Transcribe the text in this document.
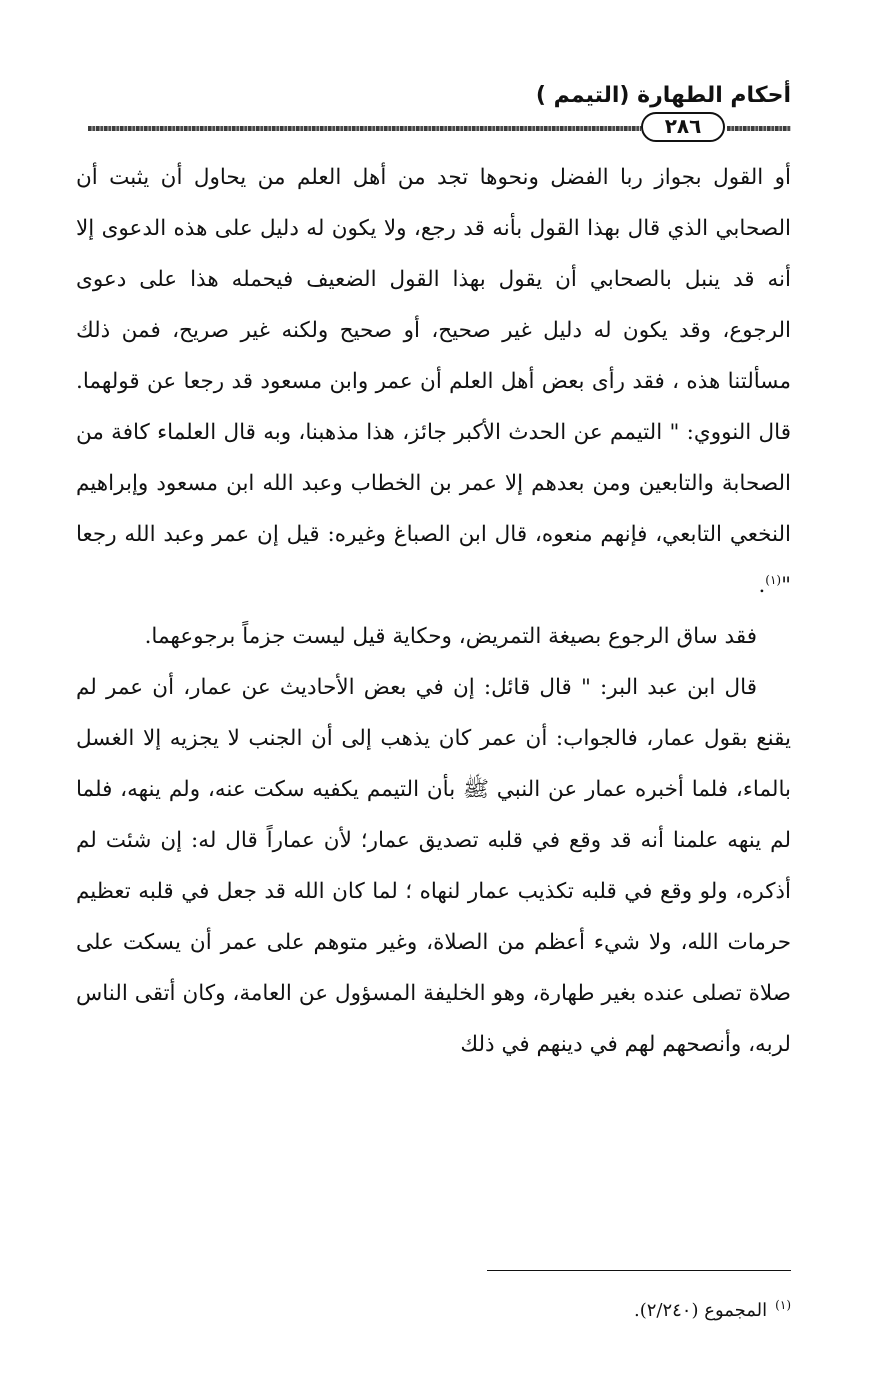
أحكام الطهارة (التيمم )
٢٨٦

أو القول بجواز ربا الفضل ونحوها تجد من أهل العلم من يحاول أن يثبت أن الصحابي الذي قال بهذا القول بأنه قد رجع، ولا يكون له دليل على هذه الدعوى إلا أنه قد ينبل بالصحابي أن يقول بهذا القول الضعيف فيحمله هذا على دعوى الرجوع، وقد يكون له دليل غير صحيح، أو صحيح ولكنه غير صريح، فمن ذلك مسألتنا هذه ، فقد رأى بعض أهل العلم أن عمر وابن مسعود قد رجعا عن قولهما. قال النووي: " التيمم عن الحدث الأكبر جائز، هذا مذهبنا، وبه قال العلماء كافة من الصحابة والتابعين ومن بعدهم إلا عمر بن الخطاب وعبد الله ابن مسعود وإبراهيم النخعي التابعي، فإنهم منعوه، قال ابن الصباغ وغيره: قيل إن عمر وعبد الله رجعا "$^{(١)}$.

فقد ساق الرجوع بصيغة التمريض، وحكاية قيل ليست جزماً برجوعهما.

قال ابن عبد البر: " قال قائل: إن في بعض الأحاديث عن عمار، أن عمر لم يقنع بقول عمار، فالجواب: أن عمر كان يذهب إلى أن الجنب لا يجزيه إلا الغسل بالماء، فلما أخبره عمار عن النبي ﷺ بأن التيمم يكفيه سكت عنه، ولم ينهه، فلما لم ينهه علمنا أنه قد وقع في قلبه تصديق عمار؛ لأن عماراً قال له: إن شئت لم أذكره، ولو وقع في قلبه تكذيب عمار لنهاه ؛ لما كان الله قد جعل في قلبه تعظيم حرمات الله، ولا شيء أعظم من الصلاة، وغير متوهم على عمر أن يسكت على صلاة تصلى عنده بغير طهارة، وهو الخليفة المسؤول عن العامة، وكان أتقى الناس لربه، وأنصحهم لهم في دينهم في ذلك

$^{(١)}$المجموع (٢/٢٤٠).
